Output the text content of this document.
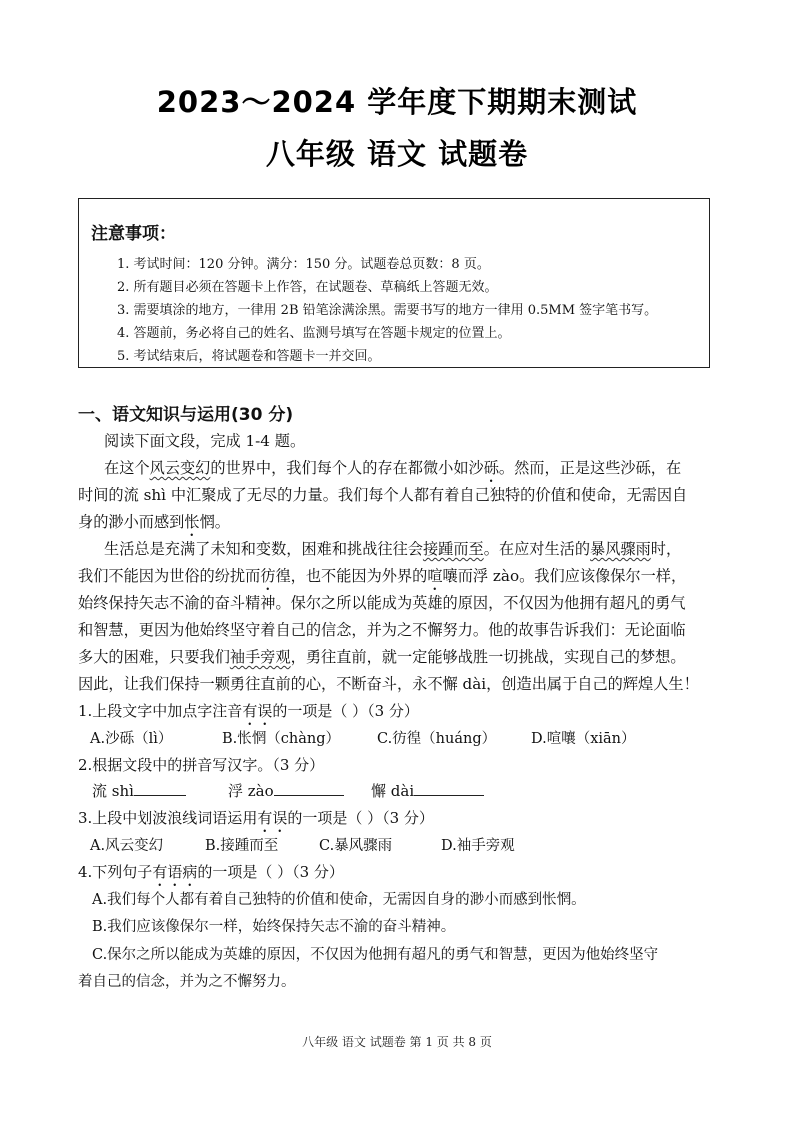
2023～2024 学年度下期期末测试
八年级 语文 试题卷
注意事项：
1. 考试时间：120 分钟。满分：150 分。试题卷总页数：8 页。
2. 所有题目必须在答题卡上作答，在试题卷、草稿纸上答题无效。
3. 需要填涂的地方，一律用 2B 铅笔涂满涂黑。需要书写的地方一律用 0.5MM 签字笔书写。
4. 答题前，务必将自己的姓名、监测号填写在答题卡规定的位置上。
5. 考试结束后，将试题卷和答题卡一并交回。
一、语文知识与运用(30 分)
阅读下面文段，完成 1-4 题。
在这个风云变幻的世界中，我们每个人的存在都微小如沙砾。然而，正是这些沙砾，在
时间的流 shì 中汇聚成了无尽的力量。我们每个人都有着自己独特的价值和使命，无需因自
身的渺小而感到怅惘。
生活总是充满了未知和变数，困难和挑战往往会接踵而至。在应对生活的暴风骤雨时，
我们不能因为世俗的纷扰而彷徨，也不能因为外界的喧嚷而浮 zào。我们应该像保尔一样，
始终保持矢志不渝的奋斗精神。保尔之所以能成为英雄的原因，不仅因为他拥有超凡的勇气
和智慧，更因为他始终坚守着自己的信念，并为之不懈努力。他的故事告诉我们：无论面临
多大的困难，只要我们袖手旁观，勇往直前，就一定能够战胜一切挑战，实现自己的梦想。
因此，让我们保持一颗勇往直前的心，不断奋斗，永不懈 dài，创造出属于自己的辉煌人生！
1.上段文字中加点字注音有误的一项是（ ）（3 分）
A.沙砾（lì）	B.怅惘（chàng）	C.彷徨（huáng） D.喧嚷（xiān）
2.根据文段中的拼音写汉字。（3 分）
流 shì	浮 zào	懈 dài
3.上段中划波浪线词语运用有误的一项是（ ）（3 分）
A.风云变幻	B.接踵而至	C.暴风骤雨	D.袖手旁观
4.下列句子有语病的一项是（ ）（3 分）
A.我们每个人都有着自己独特的价值和使命，无需因自身的渺小而感到怅惘。
B.我们应该像保尔一样，始终保持矢志不渝的奋斗精神。
C.保尔之所以能成为英雄的原因，不仅因为他拥有超凡的勇气和智慧，更因为他始终坚守
着自己的信念，并为之不懈努力。
八年级 语文 试题卷 第 1 页 共 8 页
